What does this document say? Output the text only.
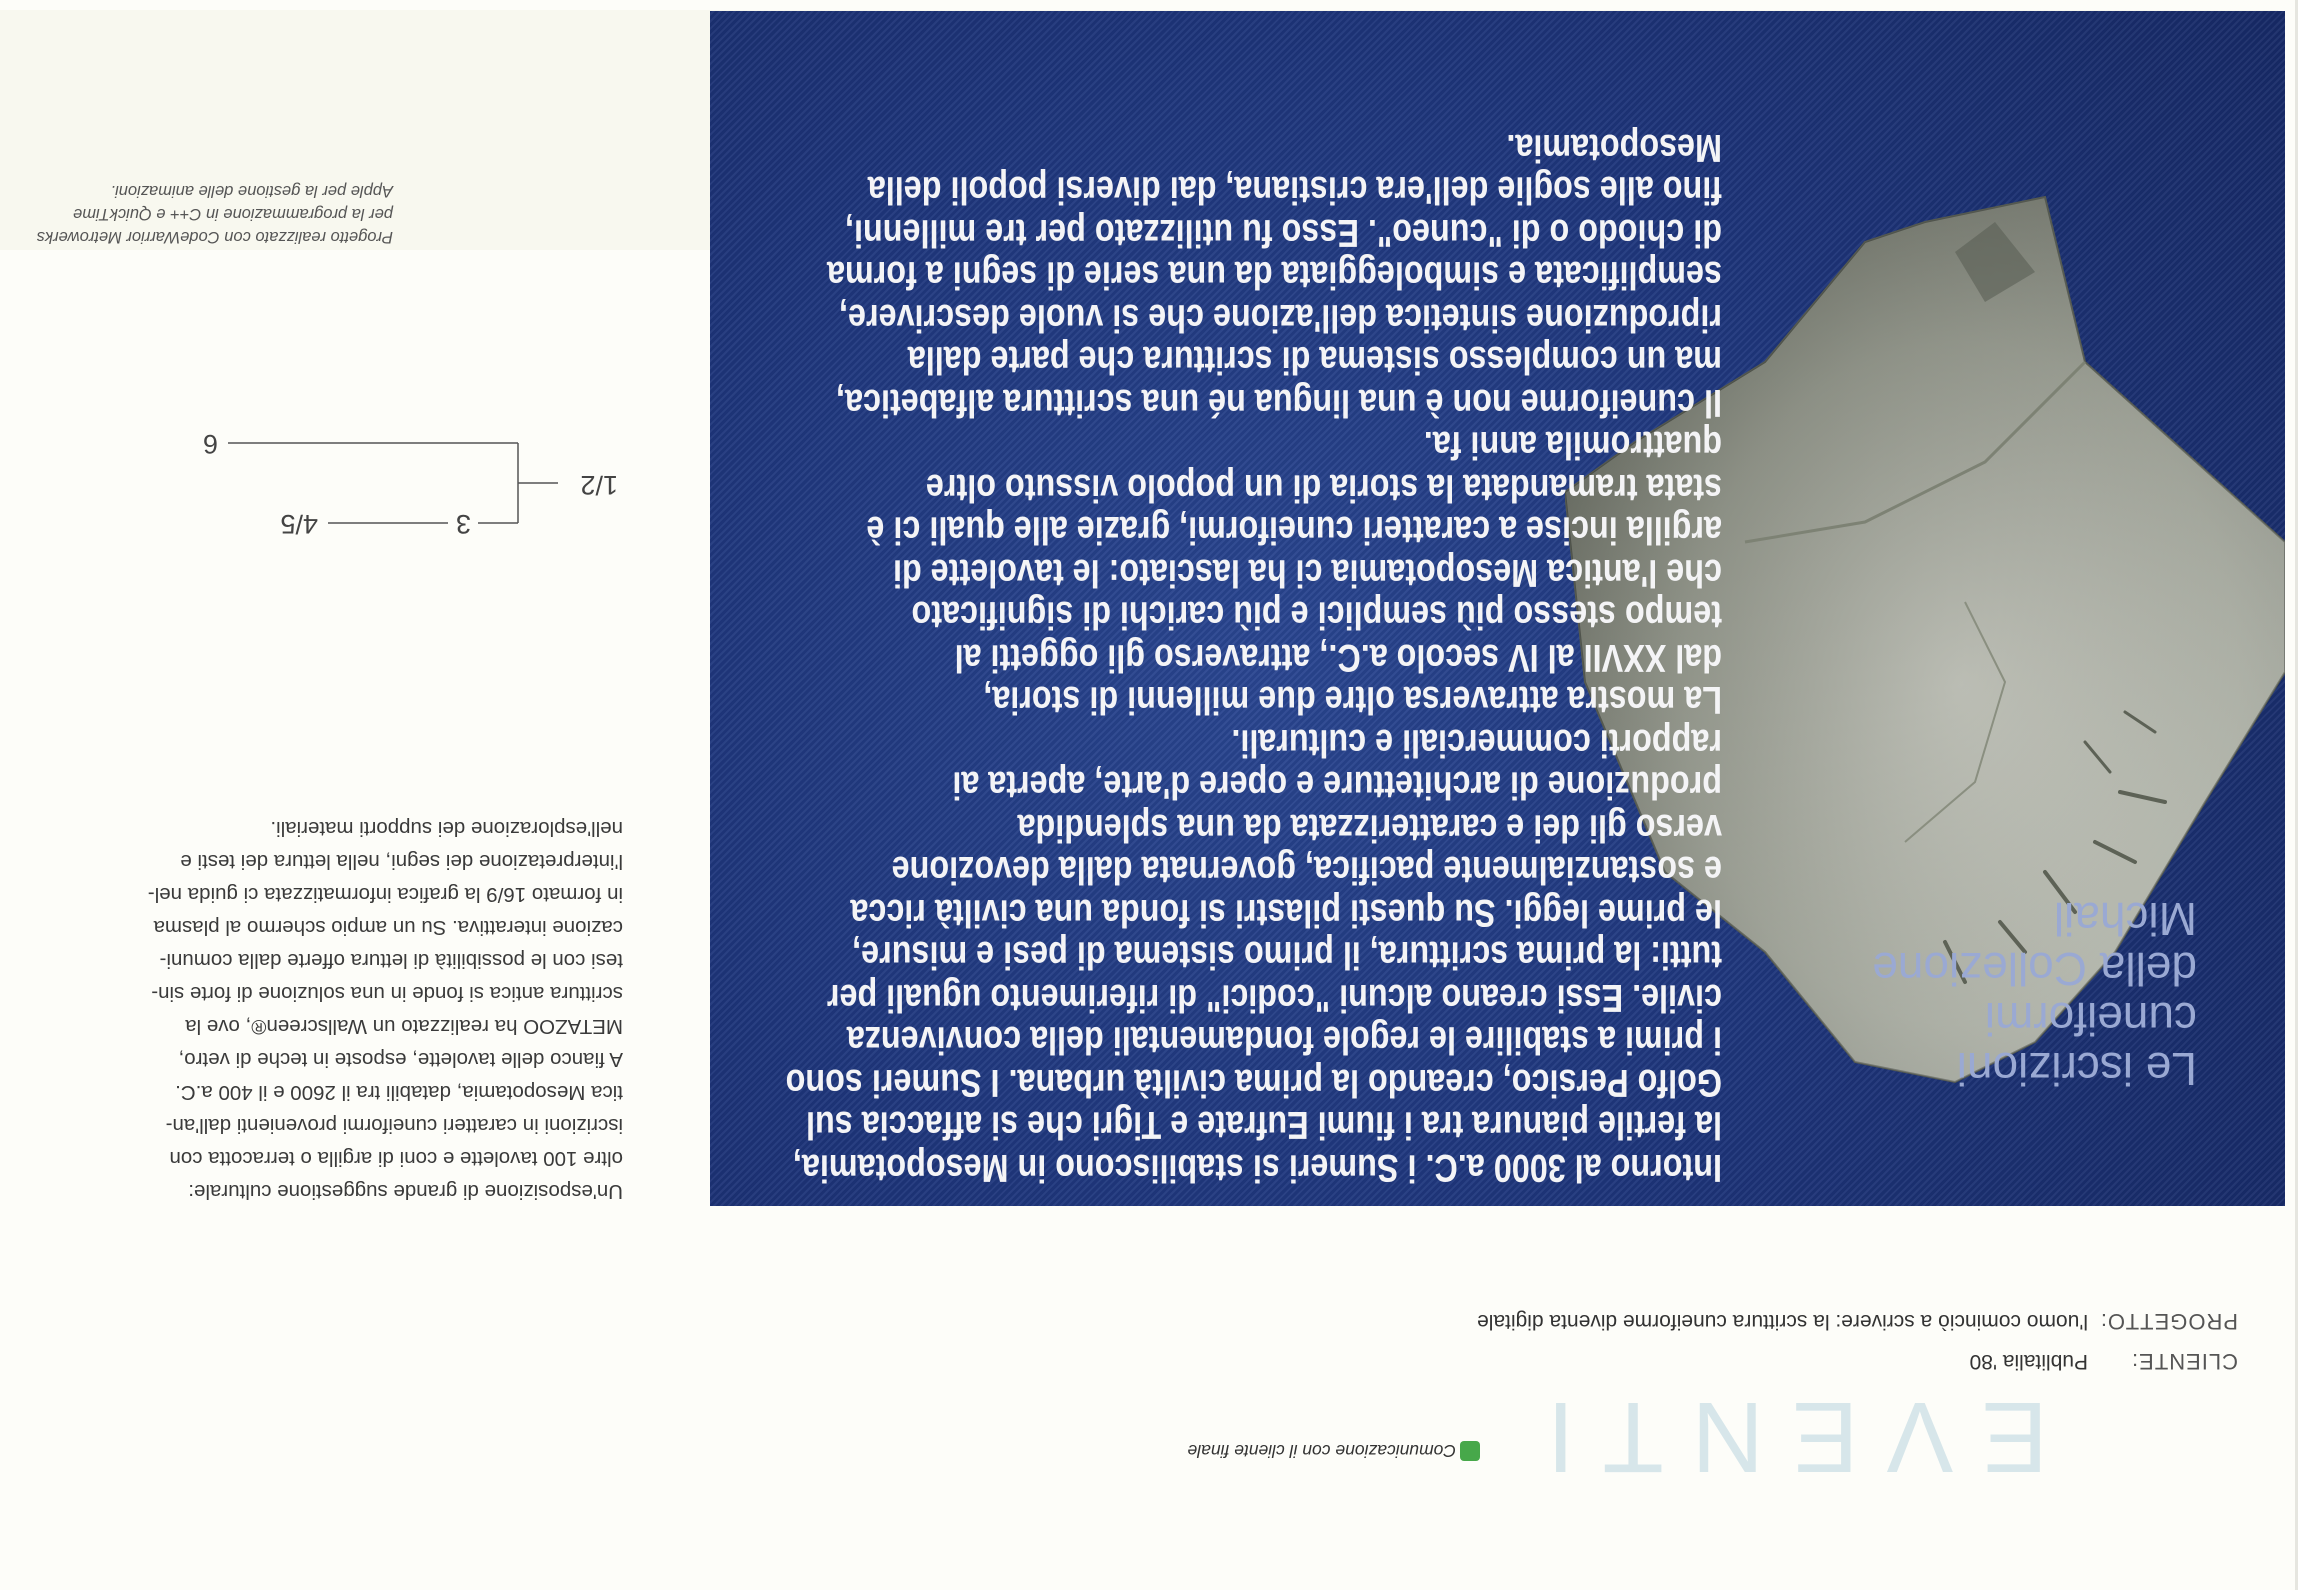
EVENTI
Comunicazione con il cliente finale
CLIENTE:
Publitalia '80
PROGETTO:
l'uomo cominciò a scrivere: la scrittura cuneiforme diventa digitale
Le iscrizioni
cuneiformi
della Collezione Michail
Intorno al 3000 a.C. i Sumeri si stabiliscono in Mesopotamia,
la fertile pianura tra i fiumi Eufrate e Tigri che si affaccia sul
Golfo Persico, creando la prima civiltà urbana. I Sumeri sono
i primi a stabilire le regole fondamentali della convivenza
civile. Essi creano alcuni "codici" di riferimento uguali per
tutti: la prima scrittura, il primo sistema di pesi e misure,
le prime leggi. Su questi pilastri si fonda una civiltà ricca
e sostanzialmente pacifica, governata dalla devozione
verso gli dei e caratterizzata da una splendida
produzione di architetture e opere d'arte, aperta ai
rapporti commerciali e culturali.
La mostra attraversa oltre due millenni di storia,
dal XXVII al IV secolo a.C., attraverso gli oggetti al
tempo stesso più semplici e più carichi di significato
che l'antica Mesopotamia ci ha lasciato: le tavolette di
argilla incise a caratteri cuneiformi, grazie alle quali ci è
stata tramandata la storia di un popolo vissuto oltre
quattromila anni fa.
Il cuneiforme non è una lingua né una scrittura alfabetica,
ma un complesso sistema di scrittura che parte dalla
riproduzione sintetica dell'azione che si vuole descrivere,
semplificata e simboleggiata da una serie di segni a forma
di chiodo o di "cuneo". Esso fu utilizzato per tre millenni,
fino alle soglie dell'era cristiana, dai diversi popoli della
Mesopotamia.
Un'esposizione di grande suggestione culturale:
oltre 100 tavolette e coni di argilla o terracotta con
iscrizioni in caratteri cuneiformi provenienti dall'an-
tica Mesopotamia, databili tra il 2600 e il 400 a.C.
A fianco delle tavolette, esposte in teche di vetro,
METAZOO ha realizzato un Wallscreen®, ove la
scrittura antica si fonde in una soluzione di forte sin-
tesi con le possibilità di lettura offerte dalla comuni-
cazione interattiva. Su un ampio schermo al plasma
in formato 16/9 la grafica informatizzata ci guida nel-
l'interpretazione dei segni, nella lettura dei testi e
nell'esplorazione dei supporti materiali.
1/2
3
4/5
6
Progetto realizzato con CodeWarrior Metrowerks
per la programmazione in C++ e QuickTime
Apple per la gestione delle animazioni.
